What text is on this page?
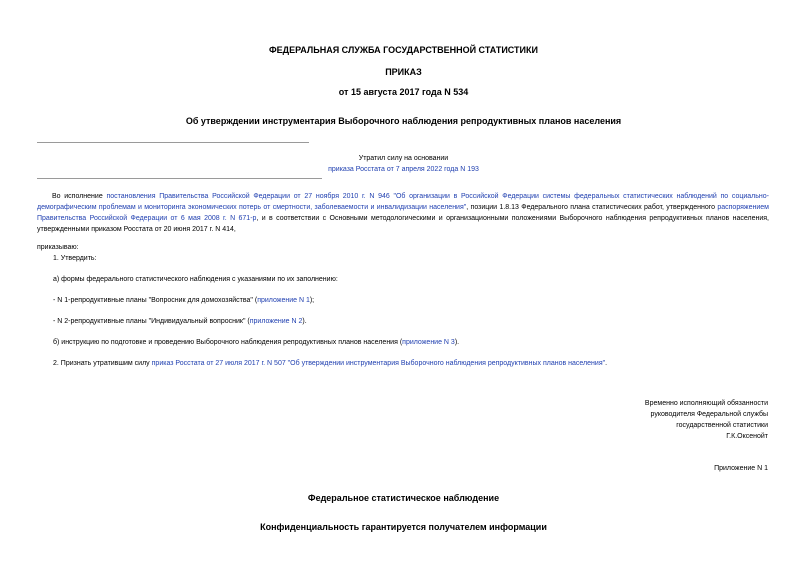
ФЕДЕРАЛЬНАЯ СЛУЖБА ГОСУДАРСТВЕННОЙ СТАТИСТИКИ
ПРИКАЗ
от 15 августа 2017 года N 534
Об утверждении инструментария Выборочного наблюдения репродуктивных планов населения
Утратил силу на основании
приказа Росстата от 7 апреля 2022 года N 193
Во исполнение постановления Правительства Российской Федерации от 27 ноября 2010 г. N 946 "Об организации в Российской Федерации системы федеральных статистических наблюдений по социально-демографическим проблемам и мониторинга экономических потерь от смертности, заболеваемости и инвалидизации населения", позиции 1.8.13 Федерального плана статистических работ, утвержденного распоряжением Правительства Российской Федерации от 6 мая 2008 г. N 671-р, и в соответствии с Основными методологическими и организационными положениями Выборочного наблюдения репродуктивных планов населения, утвержденными приказом Росстата от 20 июня 2017 г. N 414,
приказываю:
1. Утвердить:
а) формы федерального статистического наблюдения с указаниями по их заполнению:
- N 1-репродуктивные планы "Вопросник для домохозяйства" (приложение N 1);
- N 2-репродуктивные планы "Индивидуальный вопросник" (приложение N 2).
б) инструкцию по подготовке и проведению Выборочного наблюдения репродуктивных планов населения (приложение N 3).
2. Признать утратившим силу приказ Росстата от 27 июля 2017 г. N 507 "Об утверждении инструментария Выборочного наблюдения репродуктивных планов населения".
Временно исполняющий обязанности
руководителя Федеральной службы
государственной статистики
Г.К.Оксенойт
Приложение N 1
Федеральное статистическое наблюдение
Конфиденциальность гарантируется получателем информации
